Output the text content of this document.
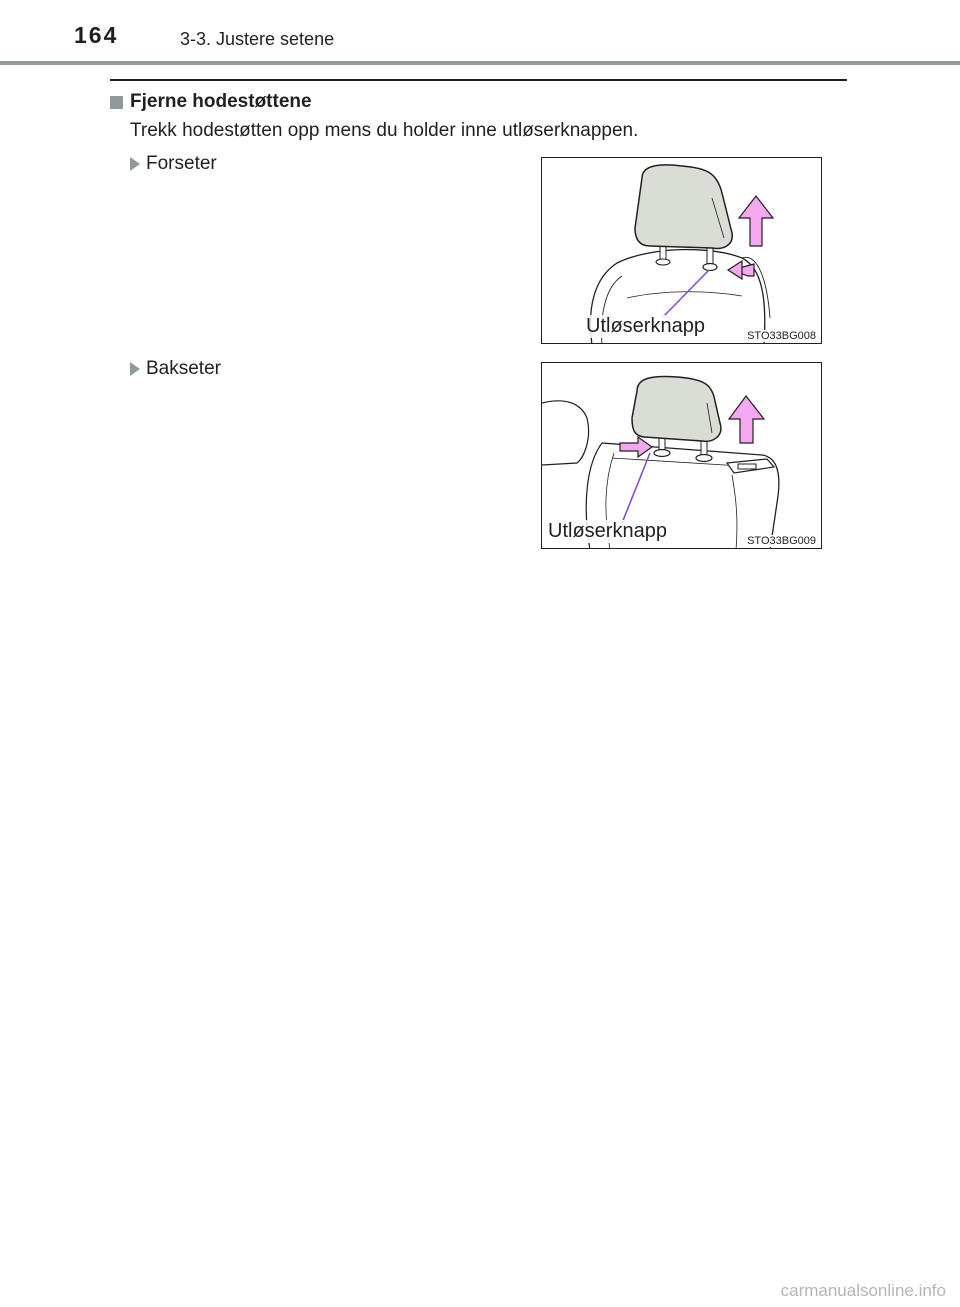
164	3-3. Justere setene
Fjerne hodestøttene
Trekk hodestøtten opp mens du holder inne utløserknappen.
Forseter
Utløserknapp	STO33BG008
Bakseter
Utløserknapp	STO33BG009
carmanualsonline.info
